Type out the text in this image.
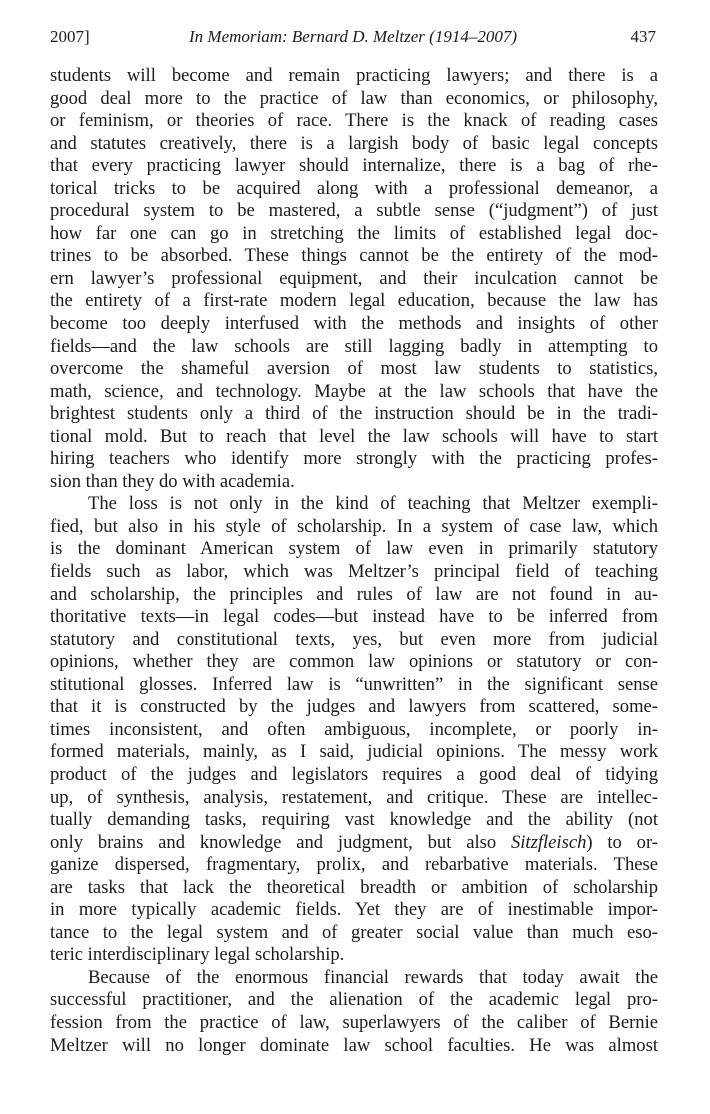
2007]	In Memoriam: Bernard D. Meltzer (1914–2007)	437
students will become and remain practicing lawyers; and there is a
good deal more to the practice of law than economics, or philosophy,
or feminism, or theories of race. There is the knack of reading cases
and statutes creatively, there is a largish body of basic legal concepts
that every practicing lawyer should internalize, there is a bag of rhe-
torical tricks to be acquired along with a professional demeanor, a
procedural system to be mastered, a subtle sense (“judgment”) of just
how far one can go in stretching the limits of established legal doc-
trines to be absorbed. These things cannot be the entirety of the mod-
ern lawyer’s professional equipment, and their inculcation cannot be
the entirety of a first-rate modern legal education, because the law has
become too deeply interfused with the methods and insights of other
fields—and the law schools are still lagging badly in attempting to
overcome the shameful aversion of most law students to statistics,
math, science, and technology. Maybe at the law schools that have the
brightest students only a third of the instruction should be in the tradi-
tional mold. But to reach that level the law schools will have to start
hiring teachers who identify more strongly with the practicing profes-
sion than they do with academia.
The loss is not only in the kind of teaching that Meltzer exempli-
fied, but also in his style of scholarship. In a system of case law, which
is the dominant American system of law even in primarily statutory
fields such as labor, which was Meltzer’s principal field of teaching
and scholarship, the principles and rules of law are not found in au-
thoritative texts—in legal codes—but instead have to be inferred from
statutory and constitutional texts, yes, but even more from judicial
opinions, whether they are common law opinions or statutory or con-
stitutional glosses. Inferred law is “unwritten” in the significant sense
that it is constructed by the judges and lawyers from scattered, some-
times inconsistent, and often ambiguous, incomplete, or poorly in-
formed materials, mainly, as I said, judicial opinions. The messy work
product of the judges and legislators requires a good deal of tidying
up, of synthesis, analysis, restatement, and critique. These are intellec-
tually demanding tasks, requiring vast knowledge and the ability (not
only brains and knowledge and judgment, but also Sitzfleisch) to or-
ganize dispersed, fragmentary, prolix, and rebarbative materials. These
are tasks that lack the theoretical breadth or ambition of scholarship
in more typically academic fields. Yet they are of inestimable impor-
tance to the legal system and of greater social value than much eso-
teric interdisciplinary legal scholarship.
Because of the enormous financial rewards that today await the
successful practitioner, and the alienation of the academic legal pro-
fession from the practice of law, superlawyers of the caliber of Bernie
Meltzer will no longer dominate law school faculties. He was almost
